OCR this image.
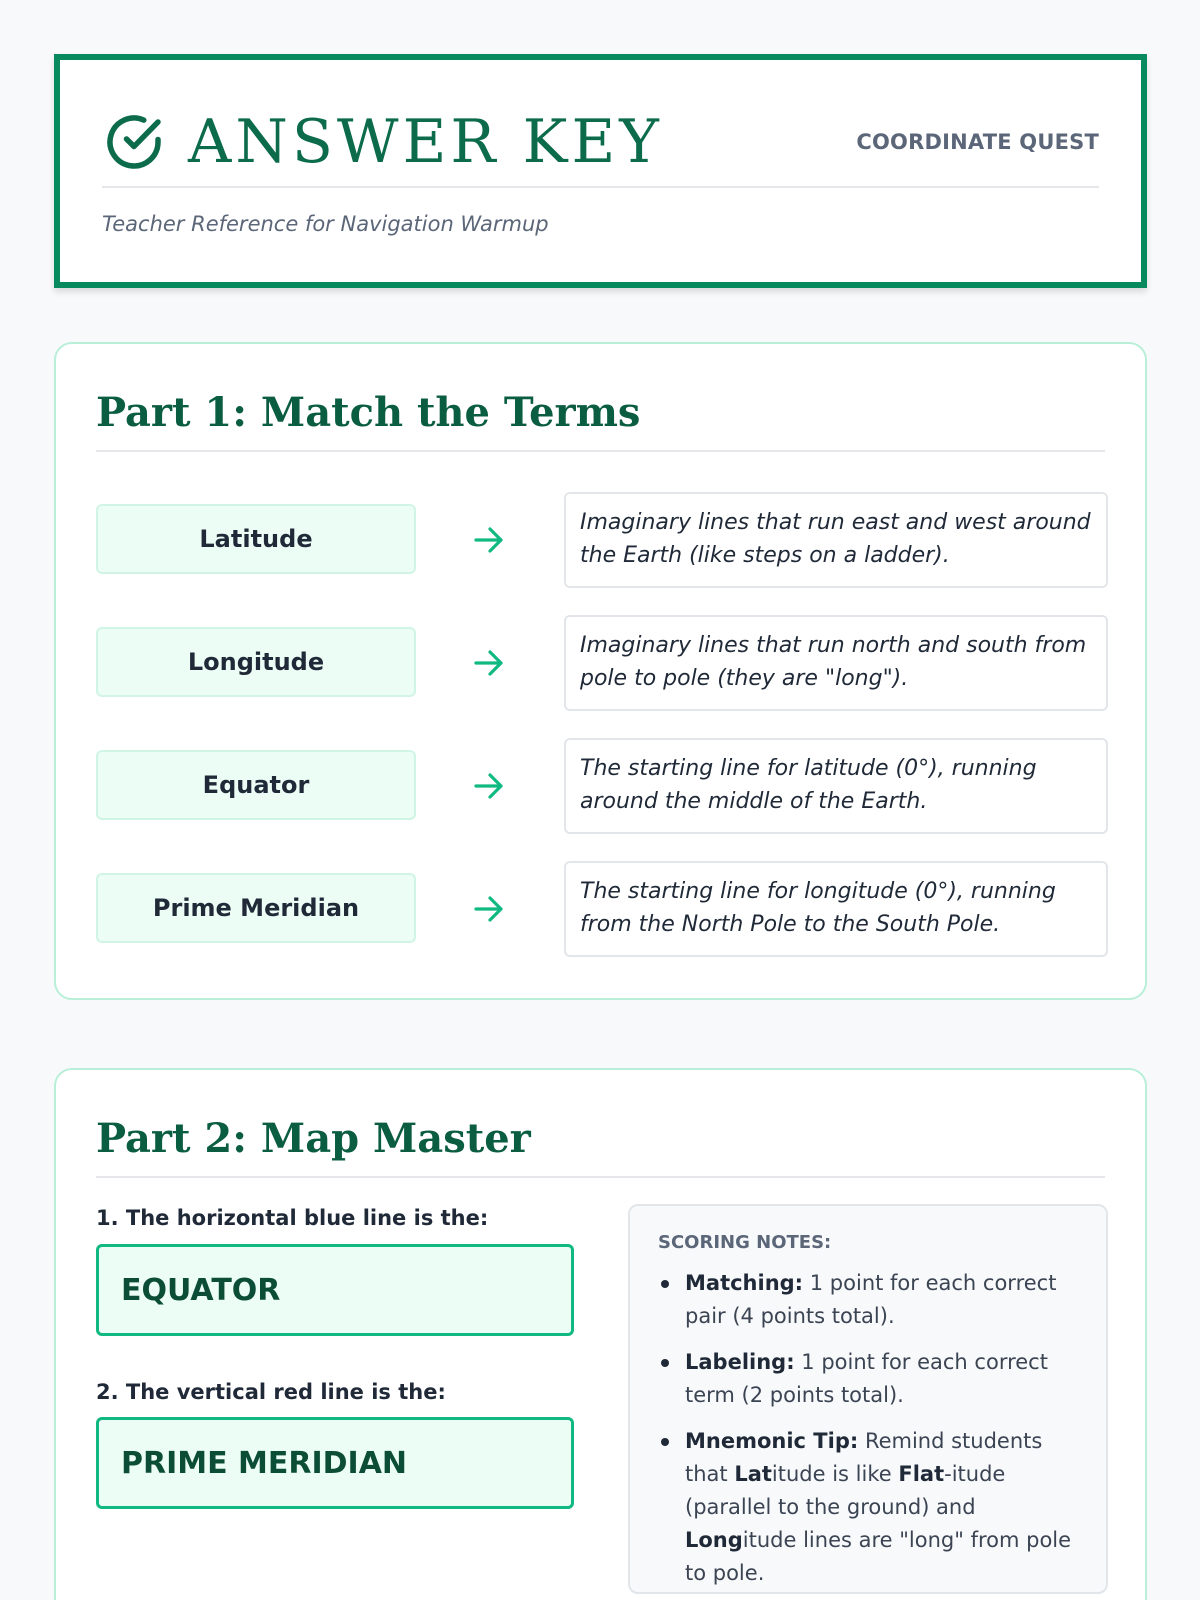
ANSWER KEY	COORDINATE QUEST
Teacher Reference for Navigation Warmup
Part 1: Match the Terms
Latitude
Imaginary lines that run east and west around the Earth (like steps on a ladder).
Longitude
Imaginary lines that run north and south from pole to pole (they are "long").
Equator
The starting line for latitude (0°), running around the middle of the Earth.
Prime Meridian
The starting line for longitude (0°), running from the North Pole to the South Pole.
Part 2: Map Master
1. The horizontal blue line is the:
EQUATOR
2. The vertical red line is the:
PRIME MERIDIAN
SCORING NOTES:
Matching: 1 point for each correct pair (4 points total).
Labeling: 1 point for each correct term (2 points total).
Mnemonic Tip: Remind students that Latitude is like Flat-itude (parallel to the ground) and Longitude lines are "long" from pole to pole.
